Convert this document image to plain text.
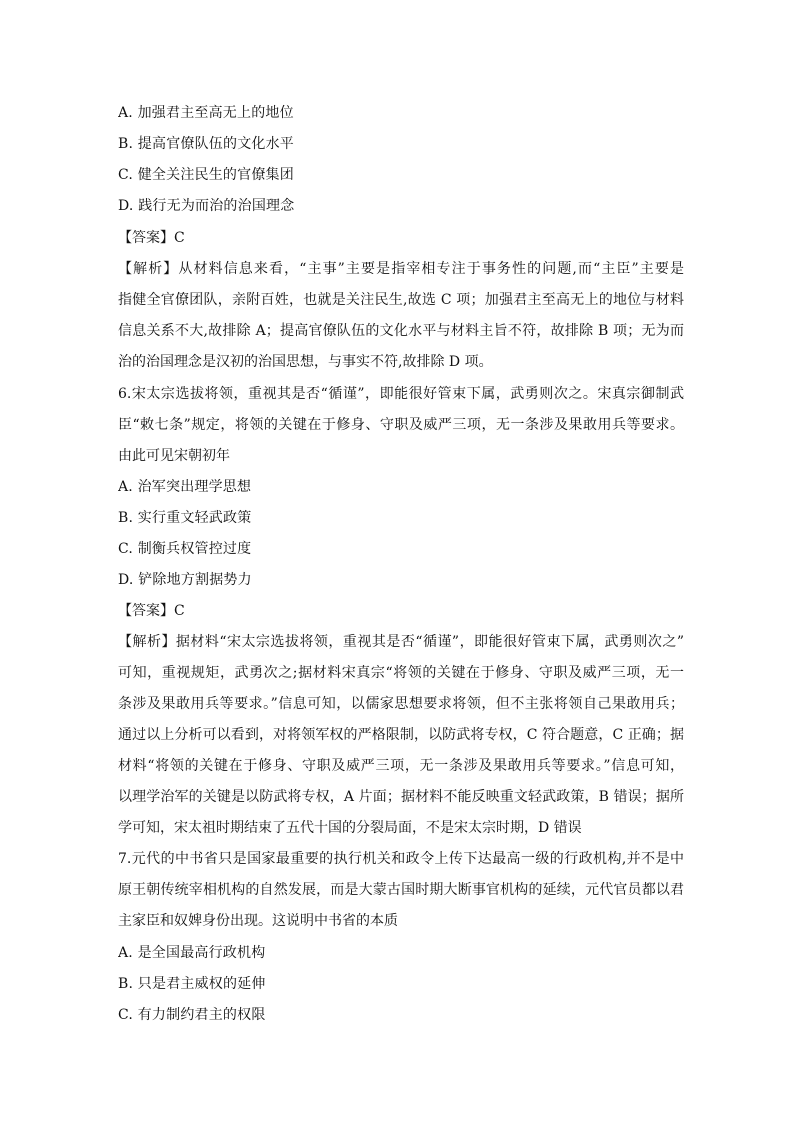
A. 加强君主至高无上的地位
B. 提高官僚队伍的文化水平
C. 健全关注民生的官僚集团
D. 践行无为而治的治国理念
【答案】C
【解析】从材料信息来看，“主事”主要是指宰相专注于事务性的问题,而“主臣”主要是
指健全官僚团队，亲附百姓，也就是关注民生,故选 C 项；加强君主至高无上的地位与材料
信息关系不大,故排除 A；提高官僚队伍的文化水平与材料主旨不符，故排除 B 项；无为而
治的治国理念是汉初的治国思想，与事实不符,故排除 D 项。
6.宋太宗选拔将领，重视其是否“循谨”，即能很好管束下属，武勇则次之。宋真宗御制武
臣“敕七条”规定，将领的关键在于修身、守职及威严三项，无一条涉及果敢用兵等要求。
由此可见宋朝初年
A. 治军突出理学思想
B. 实行重文轻武政策
C. 制衡兵权管控过度
D. 铲除地方割据势力
【答案】C
【解析】据材料“宋太宗选拔将领，重视其是否“循谨”，即能很好管束下属，武勇则次之”
可知，重视规矩，武勇次之;据材料宋真宗“将领的关键在于修身、守职及威严三项，无一
条涉及果敢用兵等要求。”信息可知，以儒家思想要求将领，但不主张将领自己果敢用兵；
通过以上分析可以看到，对将领军权的严格限制，以防武将专权，C 符合题意，C 正确；据
材料“将领的关键在于修身、守职及威严三项，无一条涉及果敢用兵等要求。”信息可知，
以理学治军的关键是以防武将专权，A 片面；据材料不能反映重文轻武政策，B 错误；据所
学可知，宋太祖时期结束了五代十国的分裂局面，不是宋太宗时期，D 错误
7.元代的中书省只是国家最重要的执行机关和政令上传下达最高一级的行政机构,并不是中
原王朝传统宰相机构的自然发展，而是大蒙古国时期大断事官机构的延续，元代官员都以君
主家臣和奴婢身份出现。这说明中书省的本质
A. 是全国最高行政机构
B. 只是君主威权的延伸
C. 有力制约君主的权限
